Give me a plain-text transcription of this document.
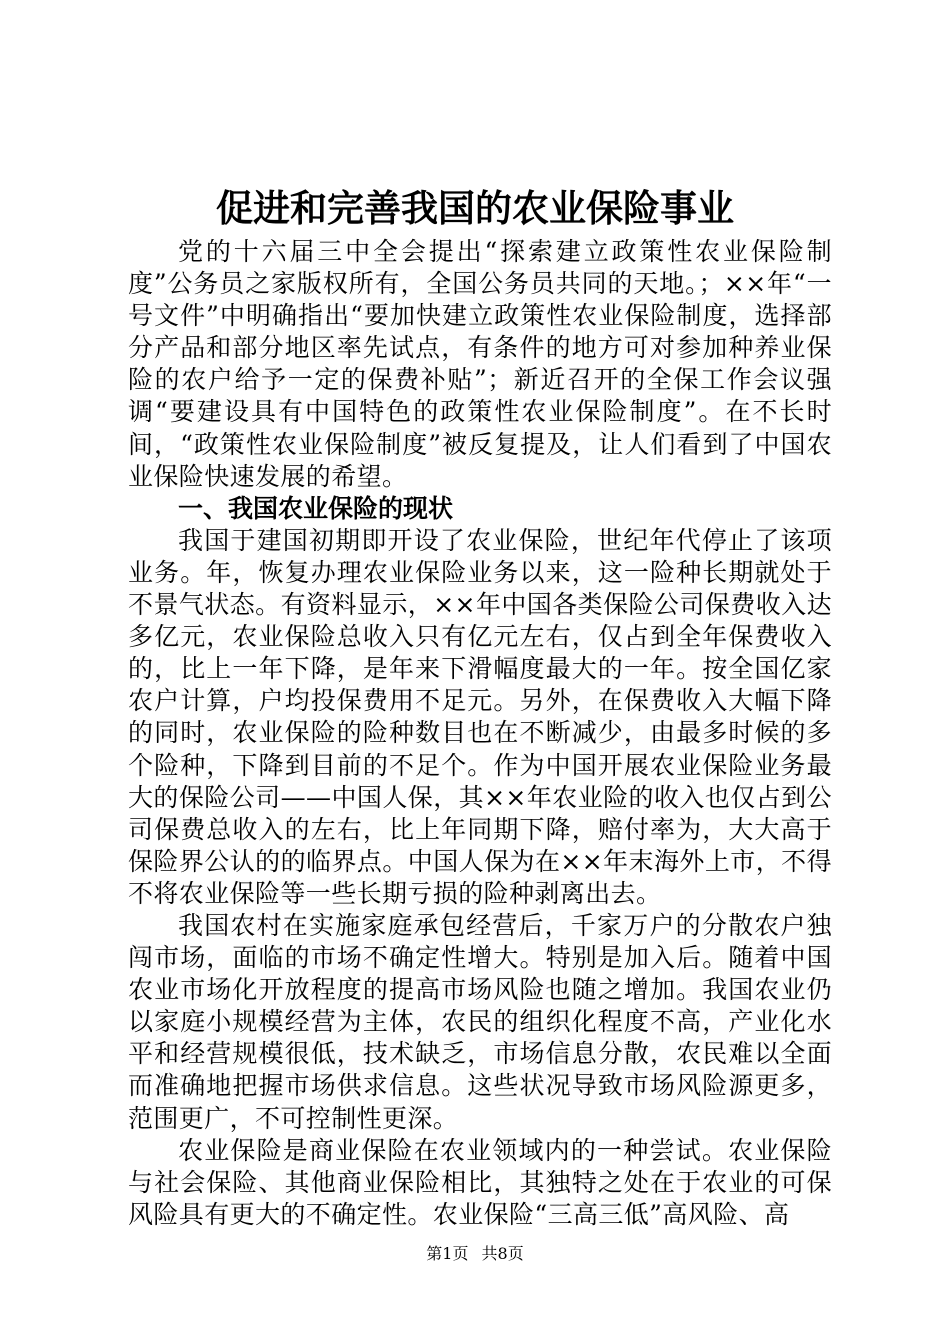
促进和完善我国的农业保险事业

党的十六届三中全会提出“探索建立政策性农业保险制度”公务员之家版权所有，全国公务员共同的天地。；××年“一号文件”中明确指出“要加快建立政策性农业保险制度，选择部分产品和部分地区率先试点，有条件的地方可对参加种养业保险的农户给予一定的保费补贴”；新近召开的全保工作会议强调“要建设具有中国特色的政策性农业保险制度”。在不长时间，“政策性农业保险制度”被反复提及，让人们看到了中国农业保险快速发展的希望。

一、我国农业保险的现状

我国于建国初期即开设了农业保险，世纪年代停止了该项业务。年，恢复办理农业保险业务以来，这一险种长期就处于不景气状态。有资料显示，××年中国各类保险公司保费收入达多亿元，农业保险总收入只有亿元左右，仅占到全年保费收入的，比上一年下降，是年来下滑幅度最大的一年。按全国亿家农户计算，户均投保费用不足元。另外，在保费收入大幅下降的同时，农业保险的险种数目也在不断减少，由最多时候的多个险种，下降到目前的不足个。作为中国开展农业保险业务最大的保险公司——中国人保，其××年农业险的收入也仅占到公司保费总收入的左右，比上年同期下降，赔付率为，大大高于保险界公认的的临界点。中国人保为在××年末海外上市，不得不将农业保险等一些长期亏损的险种剥离出去。

我国农村在实施家庭承包经营后，千家万户的分散农户独闯市场，面临的市场不确定性增大。特别是加入后。随着中国农业市场化开放程度的提高市场风险也随之增加。我国农业仍以家庭小规模经营为主体，农民的组织化程度不高，产业化水平和经营规模很低，技术缺乏，市场信息分散，农民难以全面而准确地把握市场供求信息。这些状况导致市场风险源更多，范围更广，不可控制性更深。

农业保险是商业保险在农业领域内的一种尝试。农业保险与社会保险、其他商业保险相比，其独特之处在于农业的可保风险具有更大的不确定性。农业保险“三高三低”高风险、高

第1页 共8页
